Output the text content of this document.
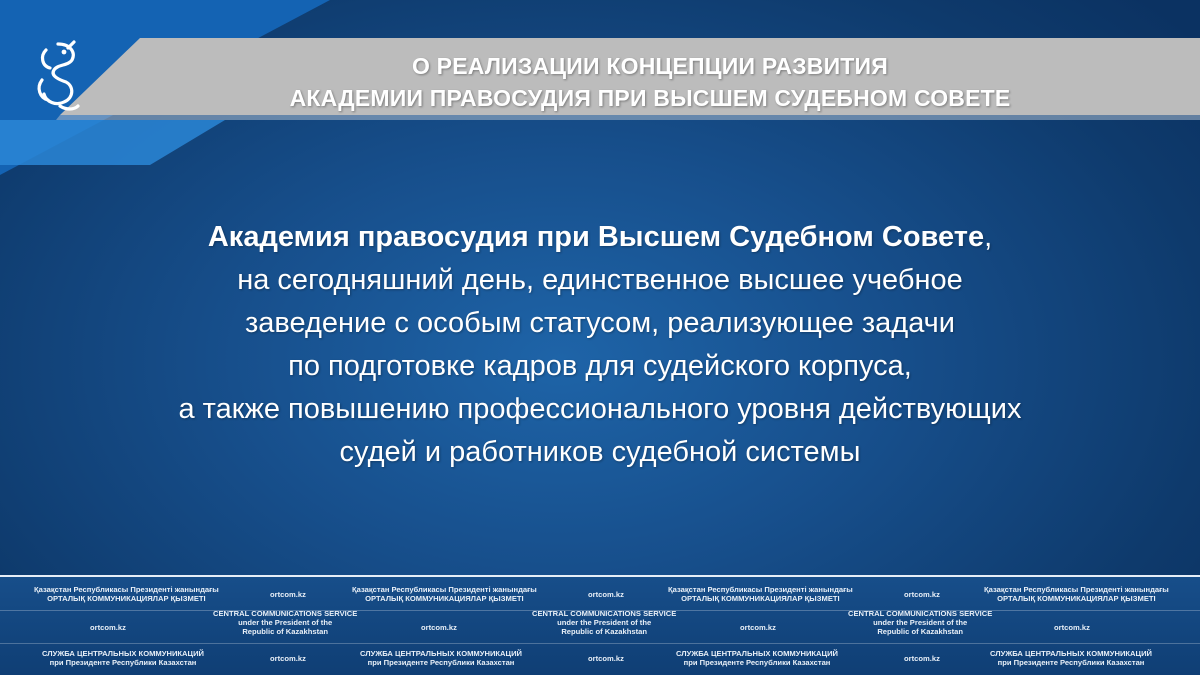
О РЕАЛИЗАЦИИ КОНЦЕПЦИИ РАЗВИТИЯ
АКАДЕМИИ ПРАВОСУДИЯ ПРИ ВЫСШЕМ СУДЕБНОМ СОВЕТЕ
Академия правосудия при Высшем Судебном Совете,
на сегодняшний день, единственное высшее учебное
заведение с особым статусом, реализующее задачи
по подготовке кадров для судейского корпуса,
а также повышению профессионального уровня действующих
судей и работников судебной системы
Қазақстан Республикасы Президенті жанындағы
ОРТАЛЫҚ КОММУНИКАЦИЯЛАР ҚЫЗМЕТІ	ortcom.kz
Қазақстан Республикасы Президенті жанындағы
ОРТАЛЫҚ КОММУНИКАЦИЯЛАР ҚЫЗМЕТІ	ortcom.kz
Қазақстан Республикасы Президенті жанындағы
ОРТАЛЫҚ КОММУНИКАЦИЯЛАР ҚЫЗМЕТІ	ortcom.kz
Қазақстан Республикасы Президенті жанындағы
ОРТАЛЫҚ КОММУНИКАЦИЯЛАР ҚЫЗМЕТІ
ortcom.kz
CENTRAL COMMUNICATIONS SERVICE
under the President of the
Republic of Kazakhstan	ortcom.kz
CENTRAL COMMUNICATIONS SERVICE
under the President of the
Republic of Kazakhstan	ortcom.kz
CENTRAL COMMUNICATIONS SERVICE
under the President of the
Republic of Kazakhstan	ortcom.kz
СЛУЖБА ЦЕНТРАЛЬНЫХ КОММУНИКАЦИЙ
при Президенте Республики Казахстан	ortcom.kz
СЛУЖБА ЦЕНТРАЛЬНЫХ КОММУНИКАЦИЙ
при Президенте Республики Казахстан	ortcom.kz
СЛУЖБА ЦЕНТРАЛЬНЫХ КОММУНИКАЦИЙ
при Президенте Республики Казахстан	ortcom.kz
СЛУЖБА ЦЕНТРАЛЬНЫХ КОММУНИКАЦИЙ
при Президенте Республики Казахстан
